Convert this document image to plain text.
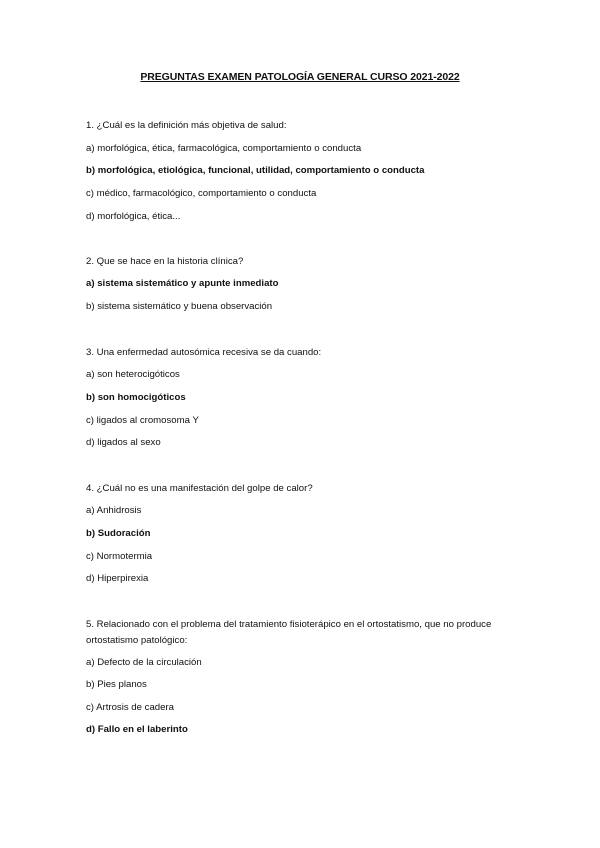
PREGUNTAS EXAMEN PATOLOGÍA GENERAL CURSO 2021-2022
1. ¿Cuál es la definición más objetiva de salud:
a) morfológica, ética, farmacológica, comportamiento o conducta
b) morfológica, etiológica, funcional, utilidad, comportamiento o conducta
c) médico, farmacológico, comportamiento o conducta
d) morfológica, ética...
2. Que se hace en la historia clínica?
a) sistema sistemático y apunte inmediato
b) sistema sistemático y buena observación
3. Una enfermedad autosómica recesiva se da cuando:
a) son heterocigóticos
b) son homocigóticos
c) ligados al cromosoma Y
d) ligados al sexo
4. ¿Cuál no es una manifestación del golpe de calor?
a) Anhidrosis
b) Sudoración
c) Normotermia
d) Hiperpirexia
5. Relacionado con el problema del tratamiento fisioterápico en el ortostatismo, que no produce ortostatismo patológico:
a) Defecto de la circulación
b) Pies planos
c) Artrosis de cadera
d) Fallo en el laberinto
